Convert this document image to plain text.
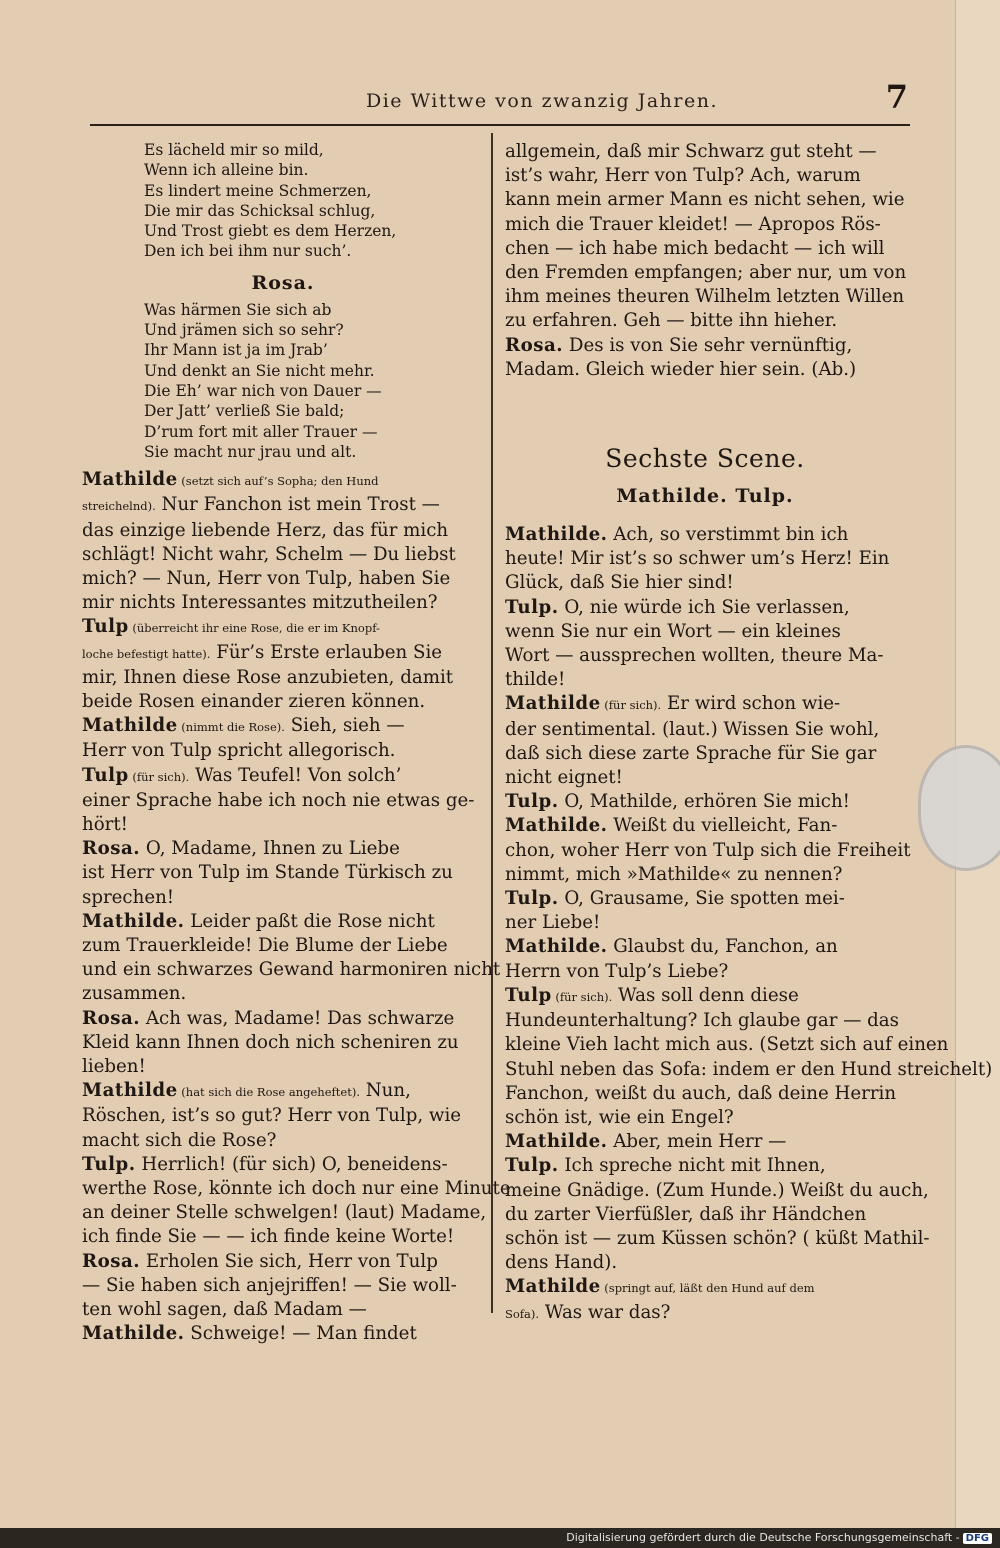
Die Wittwe von zwanzig Jahren.	7
Es lächeld mir so mild,
Wenn ich alleine bin.
Es lindert meine Schmerzen,
Die mir das Schicksal schlug,
Und Trost giebt es dem Herzen,
Den ich bei ihm nur such’.
Rosa.
Was härmen Sie sich ab
Und jrämen sich so sehr?
Ihr Mann ist ja im Jrab’
Und denkt an Sie nicht mehr.
Die Eh’ war nich von Dauer —
Der Jatt’ verließ Sie bald;
D’rum fort mit aller Trauer —
Sie macht nur jrau und alt.
Mathilde (setzt sich auf’s Sopha; den Hund
streichelnd). Nur Fanchon ist mein Trost —
das einzige liebende Herz, das für mich
schlägt! Nicht wahr, Schelm — Du liebst
mich? — Nun, Herr von Tulp, haben Sie
mir nichts Interessantes mitzutheilen?
Tulp (überreicht ihr eine Rose, die er im Knopf-
loche befestigt hatte). Für’s Erste erlauben Sie
mir, Ihnen diese Rose anzubieten, damit
beide Rosen einander zieren können.
Mathilde (nimmt die Rose). Sieh, sieh —
Herr von Tulp spricht allegorisch.
Tulp (für sich). Was Teufel! Von solch’
einer Sprache habe ich noch nie etwas ge-
hört!
Rosa. O, Madame, Ihnen zu Liebe
ist Herr von Tulp im Stande Türkisch zu
sprechen!
Mathilde. Leider paßt die Rose nicht
zum Trauerkleide! Die Blume der Liebe
und ein schwarzes Gewand harmoniren nicht
zusammen.
Rosa. Ach was, Madame! Das schwarze
Kleid kann Ihnen doch nich scheniren zu
lieben!
Mathilde (hat sich die Rose angeheftet). Nun,
Röschen, ist’s so gut? Herr von Tulp, wie
macht sich die Rose?
Tulp. Herrlich! (für sich) O, beneidens-
werthe Rose, könnte ich doch nur eine Minute
an deiner Stelle schwelgen! (laut) Madame,
ich finde Sie — — ich finde keine Worte!
Rosa. Erholen Sie sich, Herr von Tulp
— Sie haben sich anjejriffen! — Sie woll-
ten wohl sagen, daß Madam —
Mathilde. Schweige! — Man findet
allgemein, daß mir Schwarz gut steht —
ist’s wahr, Herr von Tulp? Ach, warum
kann mein armer Mann es nicht sehen, wie
mich die Trauer kleidet! — Apropos Rös-
chen — ich habe mich bedacht — ich will
den Fremden empfangen; aber nur, um von
ihm meines theuren Wilhelm letzten Willen
zu erfahren. Geh — bitte ihn hieher.
Rosa. Des is von Sie sehr vernünftig,
Madam. Gleich wieder hier sein. (Ab.)
Sechste Scene.
Mathilde. Tulp.
Mathilde. Ach, so verstimmt bin ich
heute! Mir ist’s so schwer um’s Herz! Ein
Glück, daß Sie hier sind!
Tulp. O, nie würde ich Sie verlassen,
wenn Sie nur ein Wort — ein kleines
Wort — aussprechen wollten, theure Ma-
thilde!
Mathilde (für sich). Er wird schon wie-
der sentimental. (laut.) Wissen Sie wohl,
daß sich diese zarte Sprache für Sie gar
nicht eignet!
Tulp. O, Mathilde, erhören Sie mich!
Mathilde. Weißt du vielleicht, Fan-
chon, woher Herr von Tulp sich die Freiheit
nimmt, mich »Mathilde« zu nennen?
Tulp. O, Grausame, Sie spotten mei-
ner Liebe!
Mathilde. Glaubst du, Fanchon, an
Herrn von Tulp’s Liebe?
Tulp (für sich). Was soll denn diese
Hundeunterhaltung? Ich glaube gar — das
kleine Vieh lacht mich aus. (Setzt sich auf einen
Stuhl neben das Sofa: indem er den Hund streichelt)
Fanchon, weißt du auch, daß deine Herrin
schön ist, wie ein Engel?
Mathilde. Aber, mein Herr —
Tulp. Ich spreche nicht mit Ihnen,
meine Gnädige. (Zum Hunde.) Weißt du auch,
du zarter Vierfüßler, daß ihr Händchen
schön ist — zum Küssen schön? ( küßt Mathil-
dens Hand).
Mathilde (springt auf, läßt den Hund auf dem
Sofa). Was war das?
Digitalisierung gefördert durch die Deutsche Forschungsgemeinschaft - DFG
